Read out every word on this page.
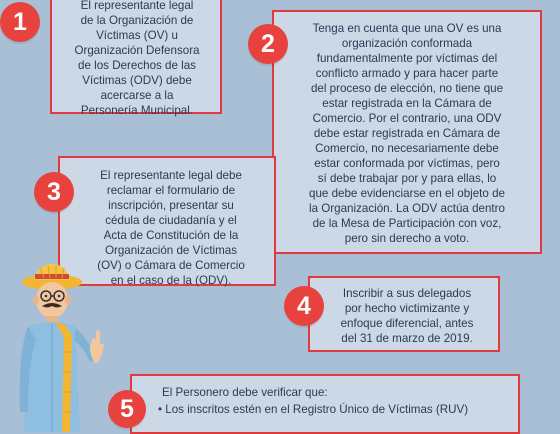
El representante legal
de la Organización de
Víctimas (OV) u
Organización Defensora
de los Derechos de las
Víctimas (ODV) debe
acercarse a la
Personería Municipal.
1	Tenga en cuenta que una OV es una
organización conformada
fundamentalmente por víctimas del
conflicto armado y para hacer parte
del proceso de elección, no tiene que
estar registrada en la Cámara de
Comercio. Por el contrario, una ODV
debe estar registrada en Cámara de
Comercio, no necesariamente debe
estar conformada por víctimas, pero
sí debe trabajar por y para ellas, lo
que debe evidenciarse en el objeto de
la Organización. La ODV actúa dentro
de la Mesa de Participación con voz,
pero sin derecho a voto.
2
El representante legal debe
reclamar el formulario de
inscripción, presentar su
cédula de ciudadanía y el
Acta de Constitución de la
Organización de Víctimas
(OV) o Cámara de Comercio
en el caso de la (ODV).
3
Inscribir a sus delegados
por hecho victimizante y
enfoque diferencial, antes
del 31 de marzo de 2019.
4
El Personero debe verificar que:
• Los inscritos estén en el Registro Único de Víctimas (RUV)
5
